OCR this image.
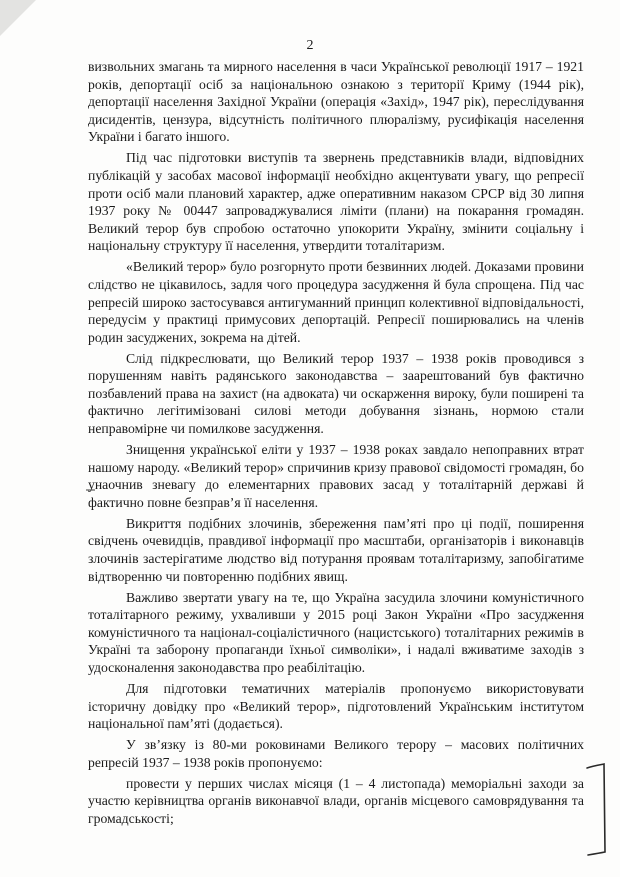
2

визвольних змагань та мирного населення в часи Української революції 1917 – 1921 років, депортації осіб за національною ознакою з території Криму (1944 рік), депортації населення Західної України (операція «Захід», 1947 рік), переслідування дисидентів, цензура, відсутність політичного плюралізму, русифікація населення України і багато іншого.

Під час підготовки виступів та звернень представників влади, відповідних публікацій у засобах масової інформації необхідно акцентувати увагу, що репресії проти осіб мали плановий характер, адже оперативним наказом СРСР від 30 липня 1937 року № 00447 запроваджувалися ліміти (плани) на покарання громадян. Великий терор був спробою остаточно упокорити Україну, змінити соціальну і національну структуру її населення, утвердити тоталітаризм.

«Великий терор» було розгорнуто проти безвинних людей. Доказами провини слідство не цікавилось, задля чого процедура засудження й була спрощена. Під час репресій широко застосувався антигуманний принцип колективної відповідальності, передусім у практиці примусових депортацій. Репресії поширювались на членів родин засуджених, зокрема на дітей.

Слід підкреслювати, що Великий терор 1937 – 1938 років проводився з порушенням навіть радянського законодавства – заарештований був фактично позбавлений права на захист (на адвоката) чи оскарження вироку, були поширені та фактично легітимізовані силові методи добування зізнань, нормою стали неправомірне чи помилкове засудження.

Знищення української еліти у 1937 – 1938 роках завдало непоправних втрат нашому народу. «Великий терор» спричинив кризу правової свідомості громадян, бо унаочнив зневагу до елементарних правових засад у тоталітарній державі й фактично повне безправ’я її населення.

Викриття подібних злочинів, збереження пам’яті про ці події, поширення свідчень очевидців, правдивої інформації про масштаби, організаторів і виконавців злочинів застерігатиме людство від потурання проявам тоталітаризму, запобігатиме відтворенню чи повторенню подібних явищ.

Важливо звертати увагу на те, що Україна засудила злочини комуністичного тоталітарного режиму, ухваливши у 2015 році Закон України «Про засудження комуністичного та націонал-соціалістичного (нацистського) тоталітарних режимів в Україні та заборону пропаганди їхньої символіки», і надалі вживатиме заходів з удосконалення законодавства про реабілітацію.

Для підготовки тематичних матеріалів пропонуємо використовувати історичну довідку про «Великий терор», підготовлений Українським інститутом національної пам’яті (додається).

У зв’язку із 80-ми роковинами Великого терору – масових політичних репресій 1937 – 1938 років пропонуємо:

провести у перших числах місяця (1 – 4 листопада) меморіальні заходи за участю керівництва органів виконавчої влади, органів місцевого самоврядування та громадськості;
